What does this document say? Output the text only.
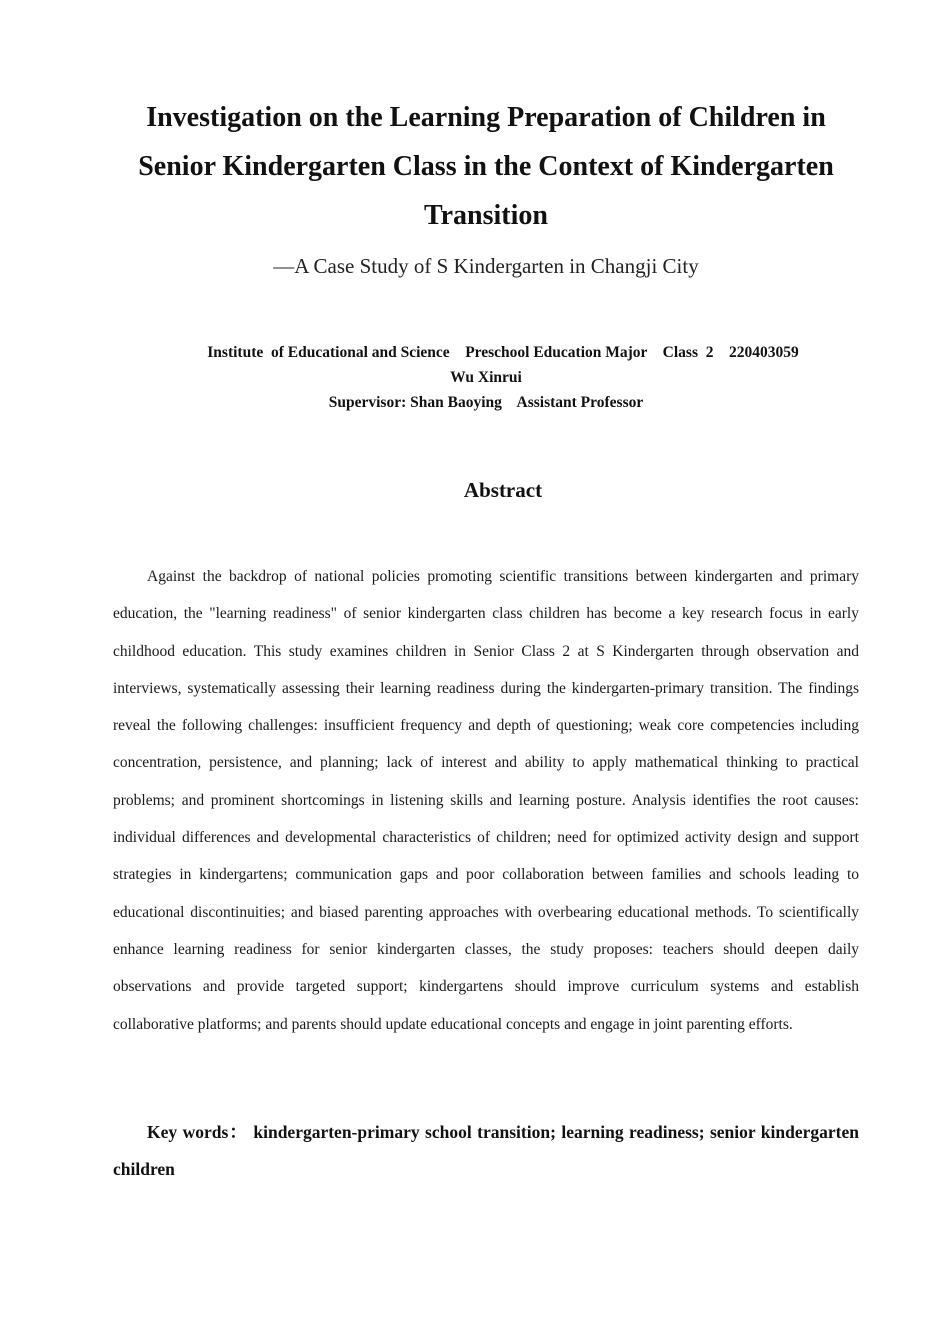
Investigation on the Learning Preparation of Children in Senior Kindergarten Class in the Context of Kindergarten Transition

—A Case Study of S Kindergarten in Changji City

Institute  of Educational and Science    Preschool Education Major    Class  2    220403059
Wu Xinrui
Supervisor: Shan Baoying    Assistant Professor
Abstract

Against the backdrop of national policies promoting scientific transitions between kindergarten and primary education, the "learning readiness" of senior kindergarten class children has become a key research focus in early childhood education. This study examines children in Senior Class 2 at S Kindergarten through observation and interviews, systematically assessing their learning readiness during the kindergarten-primary transition. The findings reveal the following challenges: insufficient frequency and depth of questioning; weak core competencies including concentration, persistence, and planning; lack of interest and ability to apply mathematical thinking to practical problems; and prominent shortcomings in listening skills and learning posture. Analysis identifies the root causes: individual differences and developmental characteristics of children; need for optimized activity design and support strategies in kindergartens; communication gaps and poor collaboration between families and schools leading to educational discontinuities; and biased parenting approaches with overbearing educational methods. To scientifically enhance learning readiness for senior kindergarten classes, the study proposes: teachers should deepen daily observations and provide targeted support; kindergartens should improve curriculum systems and establish collaborative platforms; and parents should update educational concepts and engage in joint parenting efforts.

Key words： kindergarten-primary school transition; learning readiness; senior kindergarten children
